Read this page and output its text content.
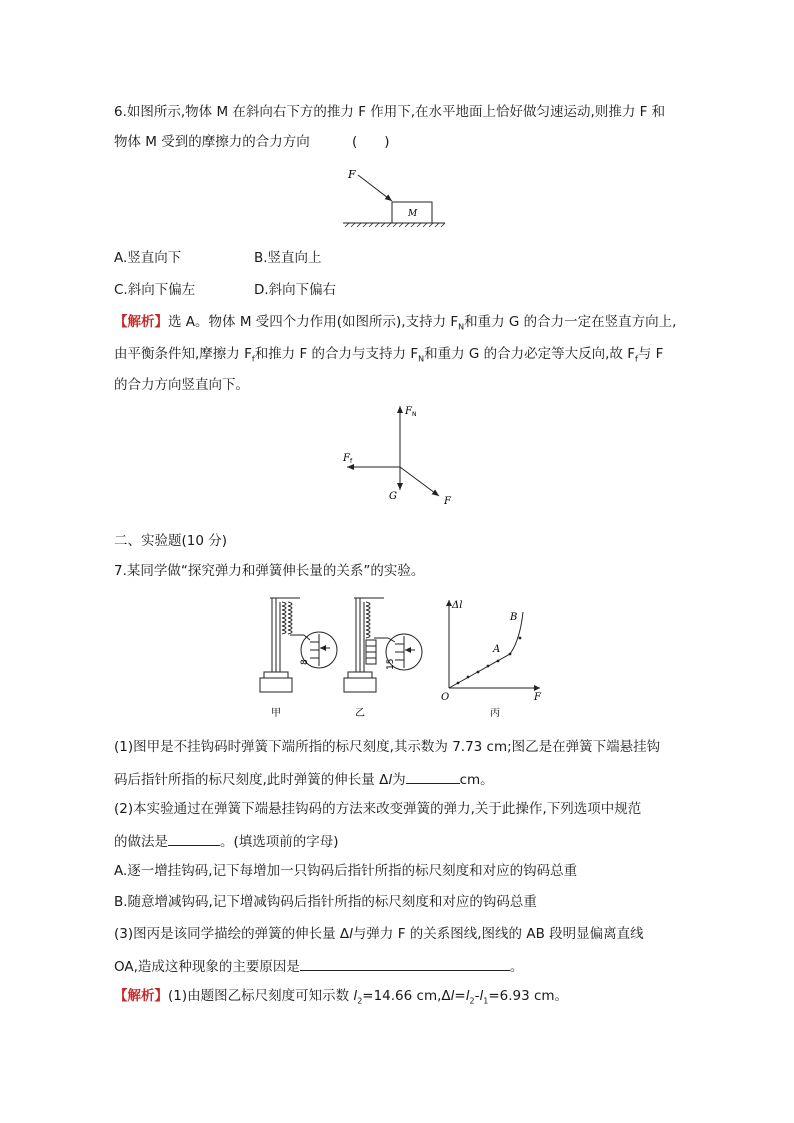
6.如图所示,物体 M 在斜向右下方的推力 F 作用下,在水平地面上恰好做匀速运动,则推力 F 和
物体 M 受到的摩擦力的合力方向	(　　)
F
M
A.竖直向下	B.竖直向上
C.斜向下偏左	D.斜向下偏右
【解析】选 A。物体 M 受四个力作用(如图所示),支持力 $F_N$和重力 G 的合力一定在竖直方向上,
由平衡条件知,摩擦力 $F_f$和推力 F 的合力与支持力 $F_N$和重力 G 的合力必定等大反向,故 $F_f$与 F
的合力方向竖直向下。
$F_N$
$F_f$
G	F
二、实验题(10 分)
7.某同学做“探究弹力和弹簧伸长量的关系”的实验。
8
甲
15
乙
Δl
F
O
A
B
丙
(1)图甲是不挂钩码时弹簧下端所指的标尺刻度,其示数为 7.73 cm;图乙是在弹簧下端悬挂钩
码后指针所指的标尺刻度,此时弹簧的伸长量 Δl为	cm。
(2)本实验通过在弹簧下端悬挂钩码的方法来改变弹簧的弹力,关于此操作,下列选项中规范
的做法是	。(填选项前的字母)
A.逐一增挂钩码,记下每增加一只钩码后指针所指的标尺刻度和对应的钩码总重
B.随意增减钩码,记下增减钩码后指针所指的标尺刻度和对应的钩码总重
(3)图丙是该同学描绘的弹簧的伸长量 Δl与弹力 F 的关系图线,图线的 AB 段明显偏离直线
OA,造成这种现象的主要原因是	。
【解析】(1)由题图乙标尺刻度可知示数 $l_2=14.66$ $cm,\Delta l=l_2-l_1=6.93$ cm。
